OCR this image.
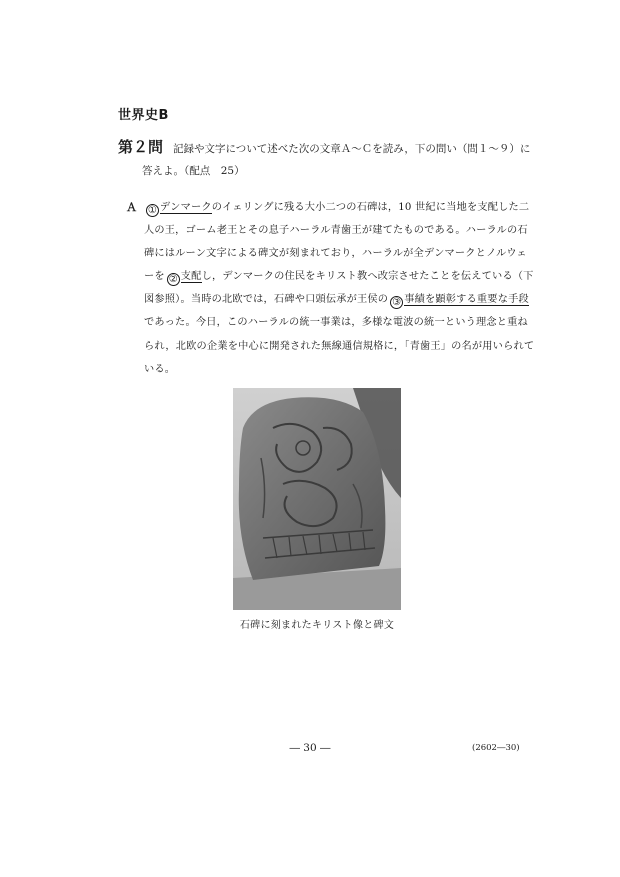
世界史B
第２問 記録や文字について述べた次の文章Ａ～Ｃを読み，下の問い（問１～９）に
答えよ。（配点　25）
Ａ	① デンマークのイェリングに残る大小二つの石碑は，10 世紀に当地を支配した二人の王，ゴーム老王とその息子ハーラル青歯王が建てたものである。ハーラルの石碑にはルーン文字による碑文が刻まれており，ハーラルが全デンマークとノルウェーを ② 支配し，デンマークの住民をキリスト教へ改宗させたことを伝えている（下図参照）。当時の北欧では，石碑や口頭伝承が王侯の ③ 事績を顕彰する重要な手段であった。今日，このハーラルの統一事業は，多様な電波の統一という理念と重ねられ，北欧の企業を中心に開発された無線通信規格に，「青歯王」の名が用いられている。
石碑に刻まれたキリスト像と碑文
― 30 ―	(2602―30)
